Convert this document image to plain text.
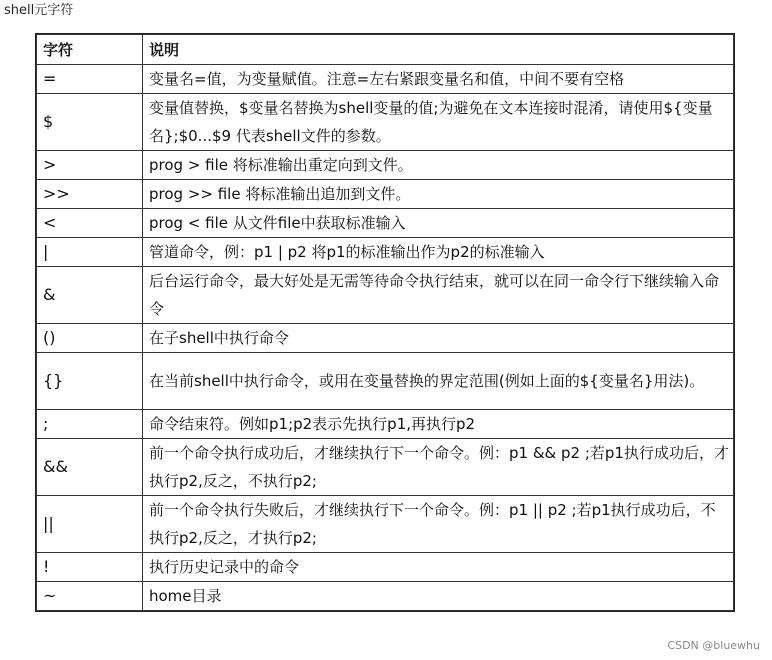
shell元字符
字符	说明
=	变量名=值，为变量赋值。注意=左右紧跟变量名和值，中间不要有空格
$	变量值替换，$变量名替换为shell变量的值;为避免在文本连接时混淆，请使用${变量名};$0...$9 代表shell文件的参数。
>	prog > file 将标准输出重定向到文件。
>>	prog >> file 将标准输出追加到文件。
<	prog < file 从文件file中获取标准输入
|	管道命令，例：p1 | p2 将p1的标准输出作为p2的标准输入
&	后台运行命令，最大好处是无需等待命令执行结束，就可以在同一命令行下继续输入命令
()	在子shell中执行命令
{}	在当前shell中执行命令，或用在变量替换的界定范围(例如上面的${变量名}用法)。
;	命令结束符。例如p1;p2表示先执行p1,再执行p2
&&	前一个命令执行成功后，才继续执行下一个命令。例：p1 && p2 ;若p1执行成功后，才执行p2,反之，不执行p2;
||	前一个命令执行失败后，才继续执行下一个命令。例：p1 || p2 ;若p1执行成功后，不执行p2,反之，才执行p2;
!	执行历史记录中的命令
~	home目录
CSDN @bluewhu
